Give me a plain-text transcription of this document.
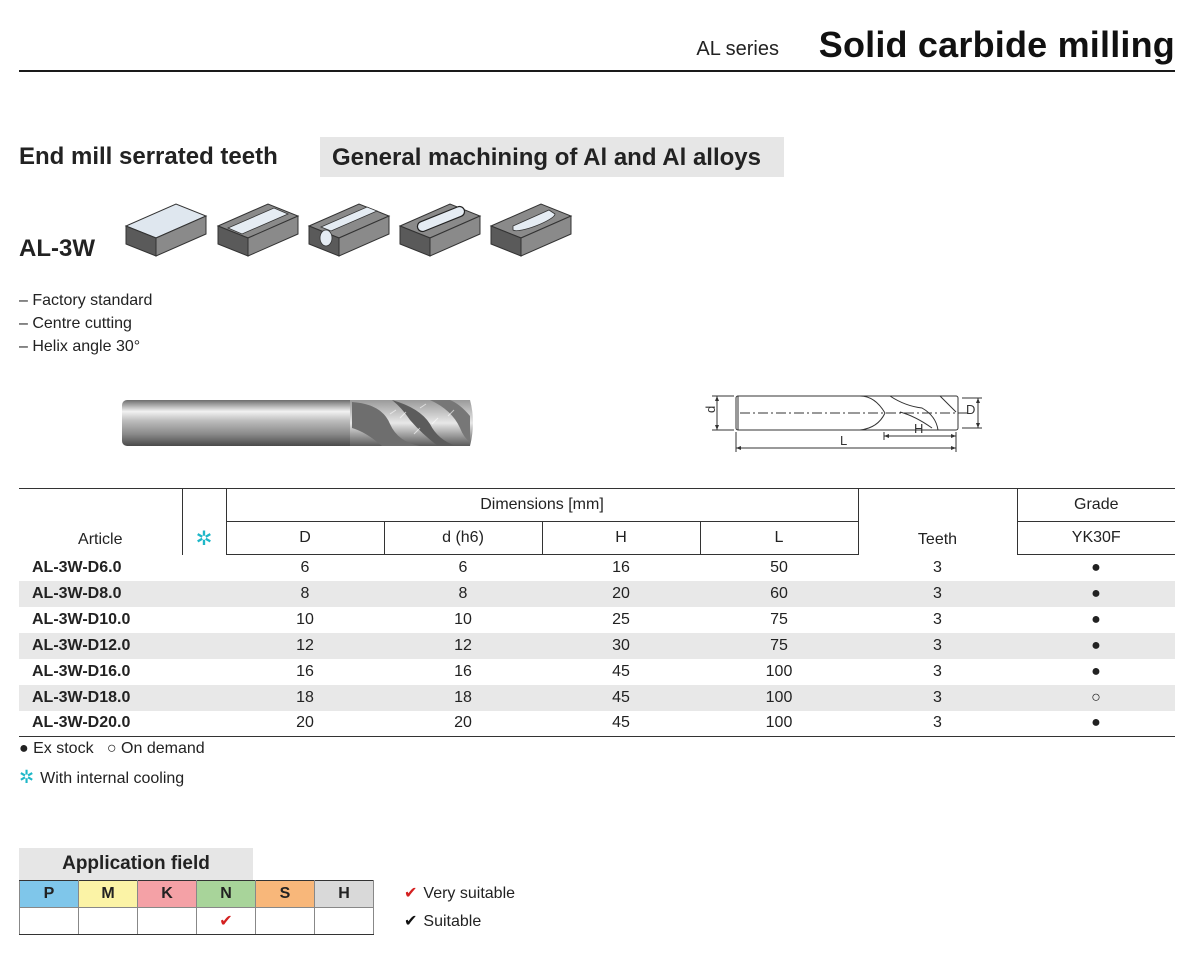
AL series Solid carbide milling
End mill serrated teeth	General machining of Al and Al alloys
AL-3W
– Factory standard
– Centre cutting
– Helix angle 30°
d	D
H
L
Article	✲	Dimensions [mm]				Teeth	Grade
		D	d (h6)	H	L		YK30F
AL-3W-D6.0		6	6	16	50	3	●
AL-3W-D8.0		8	8	20	60	3	●
AL-3W-D10.0		10	10	25	75	3	●
AL-3W-D12.0		12	12	30	75	3	●
AL-3W-D16.0		16	16	45	100	3	●
AL-3W-D18.0		18	18	45	100	3	○
AL-3W-D20.0		20	20	45	100	3	●
● Ex stock ○ On demand
✲ With internal cooling
Application field
P	M	K	N	S	H
			✔		
✔ Very suitable
✔ Suitable
